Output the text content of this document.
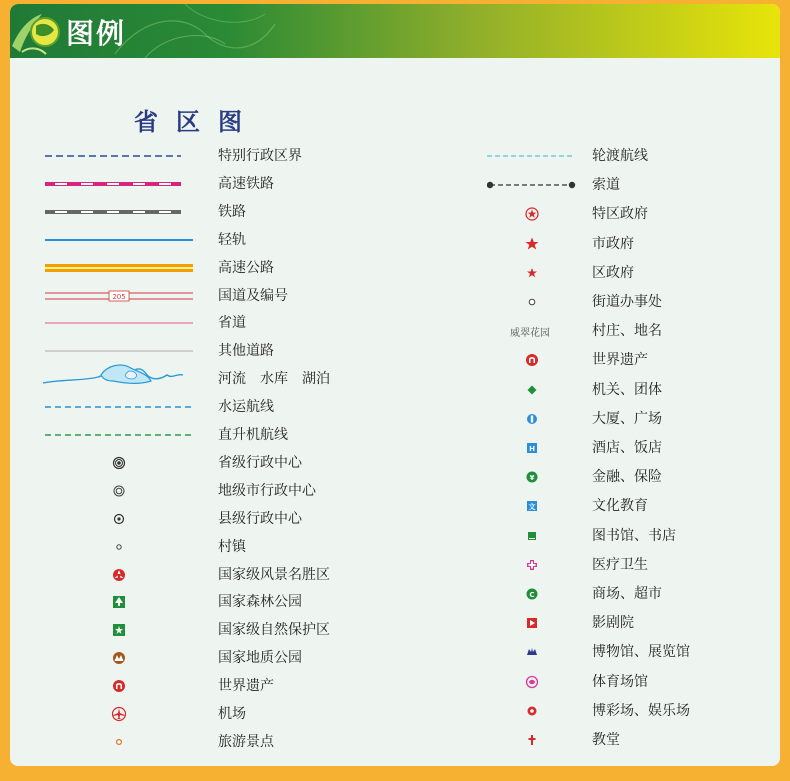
图例
省区图
特别行政区界
高速铁路
铁路
轻轨
高速公路
205	国道及编号
省道
其他道路
河流　水库　湖泊
水运航线
直升机航线
省级行政中心
地级市行政中心
县级行政中心
村镇
国家级风景名胜区
国家森林公园
国家级自然保护区
国家地质公园
世界遗产
机场
旅游景点
轮渡航线
索道
特区政府
市政府
区政府
街道办事处
威翠花园	村庄、地名
世界遗产
机关、团体
大厦、广场
H	酒店、饭店
¥	金融、保险
文	文化教育
图书馆、书店
医疗卫生
C	商场、超市
影剧院
博物馆、展览馆
体育场馆
博彩场、娱乐场
教堂
